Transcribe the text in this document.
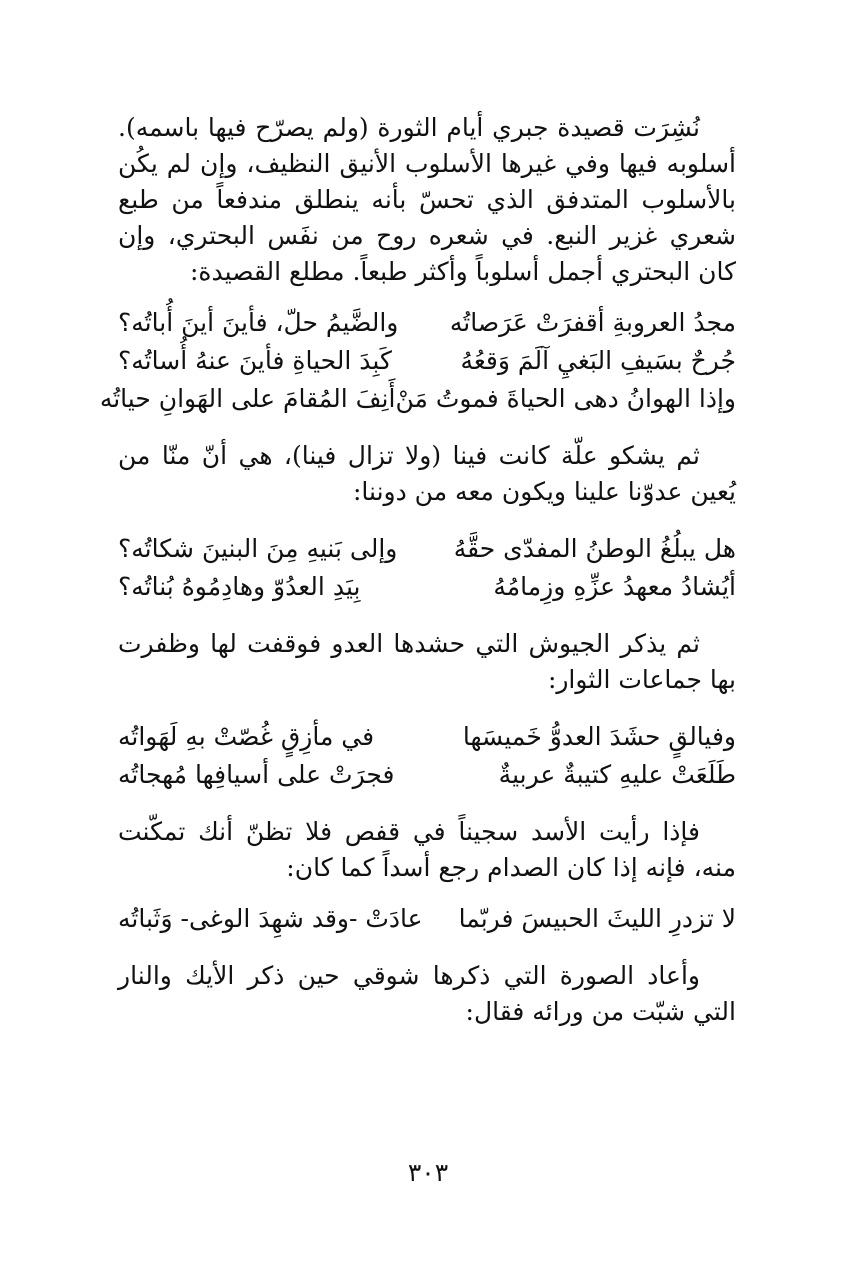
نُشِرَت قصيدة جبري أيام الثورة (ولم يصرّح فيها باسمه). أسلوبه فيها وفي غيرها الأسلوب الأنيق النظيف، وإن لم يكُن بالأسلوب المتدفق الذي تحسّ بأنه ينطلق مندفعاً من طبع شعري غزير النبع. في شعره روح من نفَس البحتري، وإن كان البحتري أجمل أسلوباً وأكثر طبعاً. مطلع القصيدة:

مجدُ العروبةِ أقفرَتْ عَرَصاتُه
والضَّيمُ حلّ، فأينَ أينَ أُباتُه؟
جُرحٌ بسَيفِ البَغيِ آلَمَ وَقعُهُ
كَبِدَ الحياةِ فأينَ عنهُ أُساتُه؟
وإذا الهوانُ دهى الحياةَ فموتُ مَنْ
أَنِفَ المُقامَ على الهَوانِ حياتُه

ثم يشكو علّة كانت فينا (ولا تزال فينا)، هي أنّ منّا من يُعين عدوّنا علينا ويكون معه من دوننا:

هل يبلُغُ الوطنُ المفدّى حقَّهُ
وإلى بَنيهِ مِنَ البنينَ شكاتُه؟
أيُشادُ معهدُ عزِّهِ وزِمامُهُ
بِيَدِ العدُوّ وهادِمُوهُ بُناتُه؟

ثم يذكر الجيوش التي حشدها العدو فوقفت لها وظفرت بها جماعات الثوار:

وفيالقٍ حشَدَ العدوُّ خَميسَها
في مأزِقٍ غُصّتْ بهِ لَهَواتُه
طَلَعَتْ عليهِ كتيبةٌ عربيةٌ
فجرَتْ على أسيافِها مُهجاتُه

فإذا رأيت الأسد سجيناً في قفص فلا تظنّ أنك تمكّنت منه، فإنه إذا كان الصدام رجع أسداً كما كان:

لا تزدرِ الليثَ الحبيسَ فربّما
عادَتْ -وقد شهِدَ الوغى- وَثَباتُه

وأعاد الصورة التي ذكرها شوقي حين ذكر الأيك والنار التي شبّت من ورائه فقال:

٣٠٣
